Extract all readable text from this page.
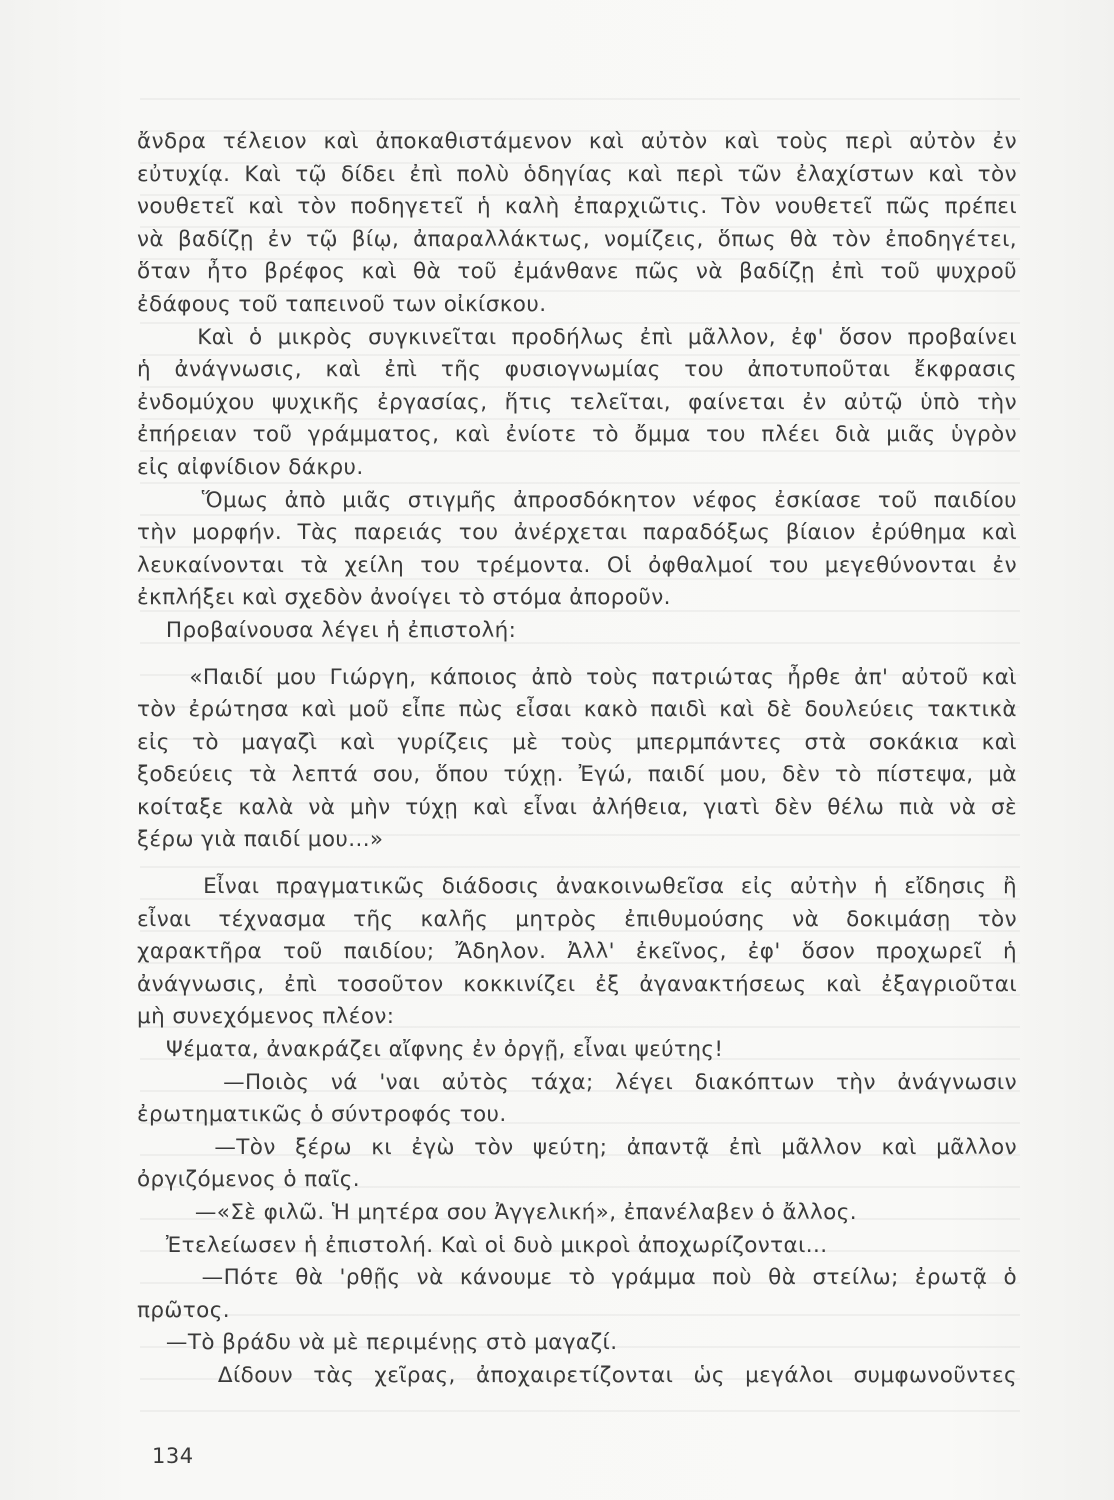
ἄνδρα τέλειον καὶ ἀποκαθιστάμενον καὶ αὐτὸν καὶ τοὺς περὶ αὐτὸν ἐν
εὐτυχίᾳ. Καὶ τῷ δίδει ἐπὶ πολὺ ὁδηγίας καὶ περὶ τῶν ἐλαχίστων καὶ τὸν
νουθετεῖ καὶ τὸν ποδηγετεῖ ἡ καλὴ ἐπαρχιῶτις. Τὸν νουθετεῖ πῶς πρέπει
νὰ βαδίζῃ ἐν τῷ βίῳ, ἀπαραλλάκτως, νομίζεις, ὅπως θὰ τὸν ἐποδηγέτει,
ὅταν ἦτο βρέφος καὶ θὰ τοῦ ἐμάνθανε πῶς νὰ βαδίζῃ ἐπὶ τοῦ ψυχροῦ
ἐδάφους τοῦ ταπεινοῦ των οἰκίσκου.
Καὶ ὁ μικρὸς συγκινεῖται προδήλως ἐπὶ μᾶλλον, ἐφ' ὅσον προβαίνει
ἡ ἀνάγνωσις, καὶ ἐπὶ τῆς φυσιογνωμίας του ἀποτυποῦται ἔκφρασις
ἐνδομύχου ψυχικῆς ἐργασίας, ἥτις τελεῖται, φαίνεται ἐν αὐτῷ ὑπὸ τὴν
ἐπήρειαν τοῦ γράμματος, καὶ ἐνίοτε τὸ ὄμμα του πλέει διὰ μιᾶς ὑγρὸν
εἰς αἰφνίδιον δάκρυ.
Ὅμως ἀπὸ μιᾶς στιγμῆς ἀπροσδόκητον νέφος ἐσκίασε τοῦ παιδίου
τὴν μορφήν. Τὰς παρειάς του ἀνέρχεται παραδόξως βίαιον ἐρύθημα καὶ
λευκαίνονται τὰ χείλη του τρέμοντα. Οἱ ὀφθαλμοί του μεγεθύνονται ἐν
ἐκπλήξει καὶ σχεδὸν ἀνοίγει τὸ στόμα ἀποροῦν.
Προβαίνουσα λέγει ἡ ἐπιστολή:
«Παιδί μου Γιώργη, κάποιος ἀπὸ τοὺς πατριώτας ἦρθε ἀπ' αὐτοῦ καὶ
τὸν ἐρώτησα καὶ μοῦ εἶπε πὼς εἶσαι κακὸ παιδὶ καὶ δὲ δουλεύεις τακτικὰ
εἰς τὸ μαγαζὶ καὶ γυρίζεις μὲ τοὺς μπερμπάντες στὰ σοκάκια καὶ
ξοδεύεις τὰ λεπτά σου, ὅπου τύχῃ. Ἐγώ, παιδί μου, δὲν τὸ πίστεψα, μὰ
κοίταξε καλὰ νὰ μὴν τύχῃ καὶ εἶναι ἀλήθεια, γιατὶ δὲν θέλω πιὰ νὰ σὲ
ξέρω γιὰ παιδί μου...»
Εἶναι πραγματικῶς διάδοσις ἀνακοινωθεῖσα εἰς αὐτὴν ἡ εἴδησις ἢ
εἶναι τέχνασμα τῆς καλῆς μητρὸς ἐπιθυμούσης νὰ δοκιμάσῃ τὸν
χαρακτῆρα τοῦ παιδίου; Ἄδηλον. Ἀλλ' ἐκεῖνος, ἐφ' ὅσον προχωρεῖ ἡ
ἀνάγνωσις, ἐπὶ τοσοῦτον κοκκινίζει ἐξ ἀγανακτήσεως καὶ ἐξαγριοῦται
μὴ συνεχόμενος πλέον:
Ψέματα, ἀνακράζει αἴφνης ἐν ὀργῇ, εἶναι ψεύτης!
—Ποιὸς νά 'ναι αὐτὸς τάχα; λέγει διακόπτων τὴν ἀνάγνωσιν
ἐρωτηματικῶς ὁ σύντροφός του.
—Τὸν ξέρω κι ἐγὼ τὸν ψεύτη; ἀπαντᾷ ἐπὶ μᾶλλον καὶ μᾶλλον
ὀργιζόμενος ὁ παῖς.
—«Σὲ φιλῶ. Ἡ μητέρα σου Ἀγγελική», ἐπανέλαβεν ὁ ἄλλος.
Ἐτελείωσεν ἡ ἐπιστολή. Καὶ οἱ δυὸ μικροὶ ἀποχωρίζονται...
—Πότε θὰ 'ρθῇς νὰ κάνουμε τὸ γράμμα ποὺ θὰ στείλω; ἐρωτᾷ ὁ
πρῶτος.
—Τὸ βράδυ νὰ μὲ περιμένῃς στὸ μαγαζί.
Δίδουν τὰς χεῖρας, ἀποχαιρετίζονται ὡς μεγάλοι συμφωνοῦντες
134
